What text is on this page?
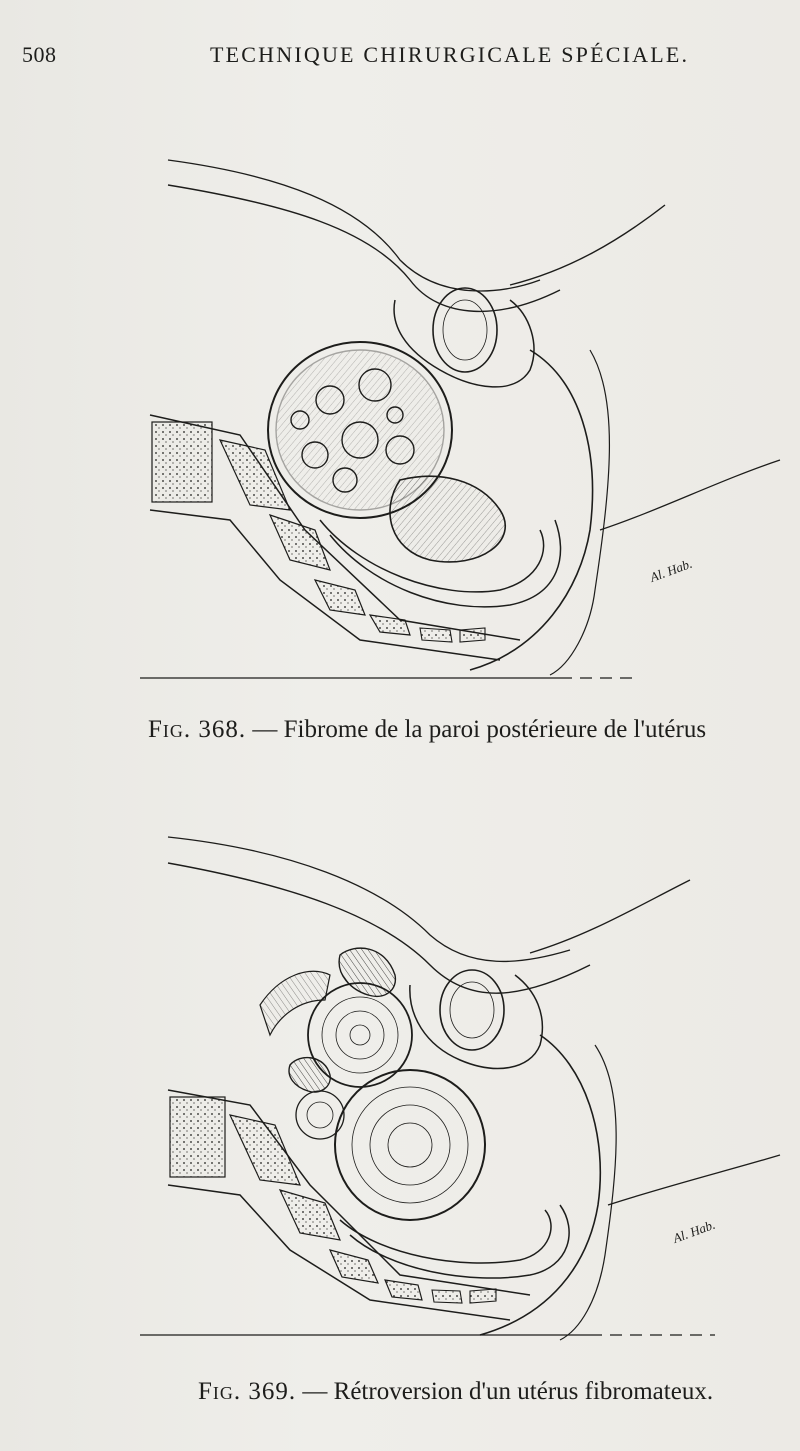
508	TECHNIQUE CHIRURGICALE SPÉCIALE.
Al. Hab.
Fig. 368. — Fibrome de la paroi postérieure de l'utérus
Al. Hab.
Fig. 369. — Rétroversion d'un utérus fibromateux.
